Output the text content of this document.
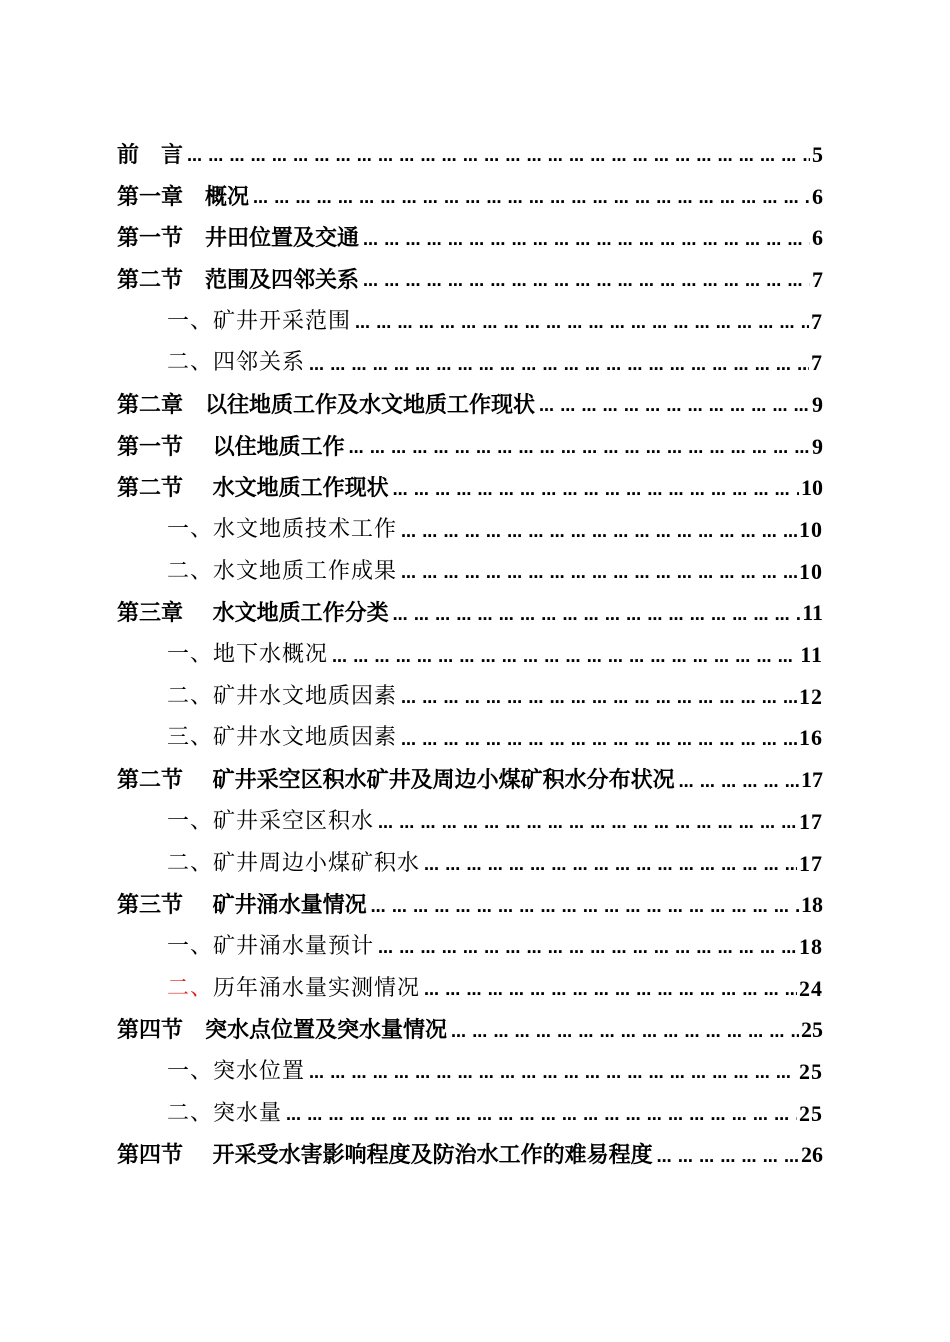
前　言 … … … … … … … … … … … … … … … … … … … … … … … … … … … … … … … … … … … … … … … … … … … … … … … … …	5
第一章　概况 … … … … … … … … … … … … … … … … … … … … … … … … … … … … … … … … … … … … … … … … … … … … … … … … …	6
第一节　井田位置及交通 … … … … … … … … … … … … … … … … … … … … … … … … … … … … … … … … … … … … … … … … … … … … … … … … …	6
第二节　范围及四邻关系 … … … … … … … … … … … … … … … … … … … … … … … … … … … … … … … … … … … … … … … … … … … … … … … … …	7
一、矿井开采范围 … … … … … … … … … … … … … … … … … … … … … … … … … … … … … … … … … … … … … … … … … … … … … … … … …	7
二、四邻关系 … … … … … … … … … … … … … … … … … … … … … … … … … … … … … … … … … … … … … … … … … … … … … … … … …	7
第二章　以往地质工作及水文地质工作现状 … … … … … … … … … … … … … … … … … … … … … … … … … … … … … … … … … … … … … … … … … … … … … … … … …	9
第一节　 以住地质工作 … … … … … … … … … … … … … … … … … … … … … … … … … … … … … … … … … … … … … … … … … … … … … … … … …	9
第二节　 水文地质工作现状 … … … … … … … … … … … … … … … … … … … … … … … … … … … … … … … … … … … … … … … … … … … … … … … … …	10
一、水文地质技术工作 … … … … … … … … … … … … … … … … … … … … … … … … … … … … … … … … … … … … … … … … … … … … … … … … …	10
二、水文地质工作成果 … … … … … … … … … … … … … … … … … … … … … … … … … … … … … … … … … … … … … … … … … … … … … … … … …	10
第三章　 水文地质工作分类 … … … … … … … … … … … … … … … … … … … … … … … … … … … … … … … … … … … … … … … … … … … … … … … … …	11
一、地下水概况 … … … … … … … … … … … … … … … … … … … … … … … … … … … … … … … … … … … … … … … … … … … … … … … … …	11
二、矿井水文地质因素 … … … … … … … … … … … … … … … … … … … … … … … … … … … … … … … … … … … … … … … … … … … … … … … … …	12
三、矿井水文地质因素 … … … … … … … … … … … … … … … … … … … … … … … … … … … … … … … … … … … … … … … … … … … … … … … … …	16
第二节　 矿井采空区积水矿井及周边小煤矿积水分布状况 … … … … … … … … … … … … … … … … … … … … … … … … … … … … … … … … … … … … … … … … … … … … … … … … …	17
一、矿井采空区积水 … … … … … … … … … … … … … … … … … … … … … … … … … … … … … … … … … … … … … … … … … … … … … … … … …	17
二、矿井周边小煤矿积水 … … … … … … … … … … … … … … … … … … … … … … … … … … … … … … … … … … … … … … … … … … … … … … … … …	17
第三节　 矿井涌水量情况 … … … … … … … … … … … … … … … … … … … … … … … … … … … … … … … … … … … … … … … … … … … … … … … … …	18
一、矿井涌水量预计 … … … … … … … … … … … … … … … … … … … … … … … … … … … … … … … … … … … … … … … … … … … … … … … … …	18
二、历年涌水量实测情况 … … … … … … … … … … … … … … … … … … … … … … … … … … … … … … … … … … … … … … … … … … … … … … … … …	24
第四节　突水点位置及突水量情况 … … … … … … … … … … … … … … … … … … … … … … … … … … … … … … … … … … … … … … … … … … … … … … … … …	25
一、突水位置 … … … … … … … … … … … … … … … … … … … … … … … … … … … … … … … … … … … … … … … … … … … … … … … … …	25
二、突水量 … … … … … … … … … … … … … … … … … … … … … … … … … … … … … … … … … … … … … … … … … … … … … … … … …	25
第四节　 开采受水害影响程度及防治水工作的难易程度 … … … … … … … … … … … … … … … … … … … … … … … … … … … … … … … … … … … … … … … … … … … … … … … … …	26
